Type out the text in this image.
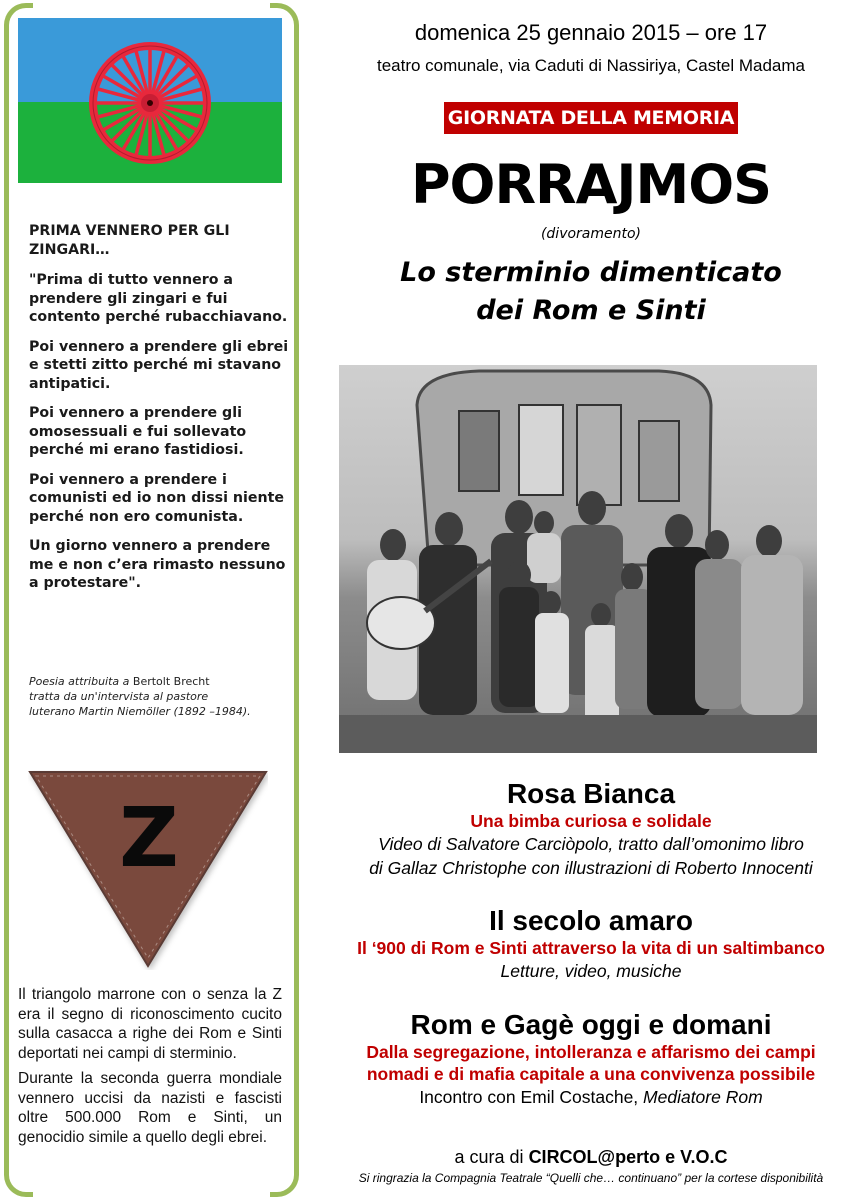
PRIMA VENNERO PER GLI ZINGARI…

"Prima di tutto vennero a prendere gli zingari e fui contento perché rubacchiavano.

Poi vennero a prendere gli ebrei e stetti zitto perché mi stavano antipatici.

Poi vennero a prendere gli omosessuali e fui sollevato perché mi erano fastidiosi.

Poi vennero a prendere i comunisti ed io non dissi niente perché non ero comunista.

Un giorno vennero a prendere me e non c’era rimasto nessuno a protestare".

Poesia attribuita a Bertolt Brecht
tratta da un'intervista al pastore
luterano Martin Niemöller (1892 –1984).
Z

Il triangolo marrone con o senza la Z era il segno di riconoscimento cucito sulla casacca a righe dei Rom e Sinti deportati nei campi di sterminio.

Durante la seconda guerra mondiale vennero uccisi da nazisti e fascisti oltre 500.000 Rom e Sinti, un genocidio simile a quello degli ebrei.

domenica 25 gennaio 2015 – ore 17
teatro comunale, via Caduti di Nassiriya, Castel Madama
GIORNATA DELLA MEMORIA
PORRAJMOS
(divoramento)
Lo sterminio dimenticato
dei Rom e Sinti
Rosa Bianca
Una bimba curiosa e solidale
Video di Salvatore Carciòpolo, tratto dall’omonimo libro
di Gallaz Christophe con illustrazioni di Roberto Innocenti
Il secolo amaro
Il ‘900 di Rom e Sinti attraverso la vita di un saltimbanco
Letture, video, musiche
Rom e Gagè oggi e domani
Dalla segregazione, intolleranza e affarismo dei campi
nomadi e di mafia capitale a una convivenza possibile
Incontro con Emil Costache, Mediatore Rom
a cura di CIRCOL@perto e V.O.C
Si ringrazia la Compagnia Teatrale “Quelli che… continuano” per la cortese disponibilità
